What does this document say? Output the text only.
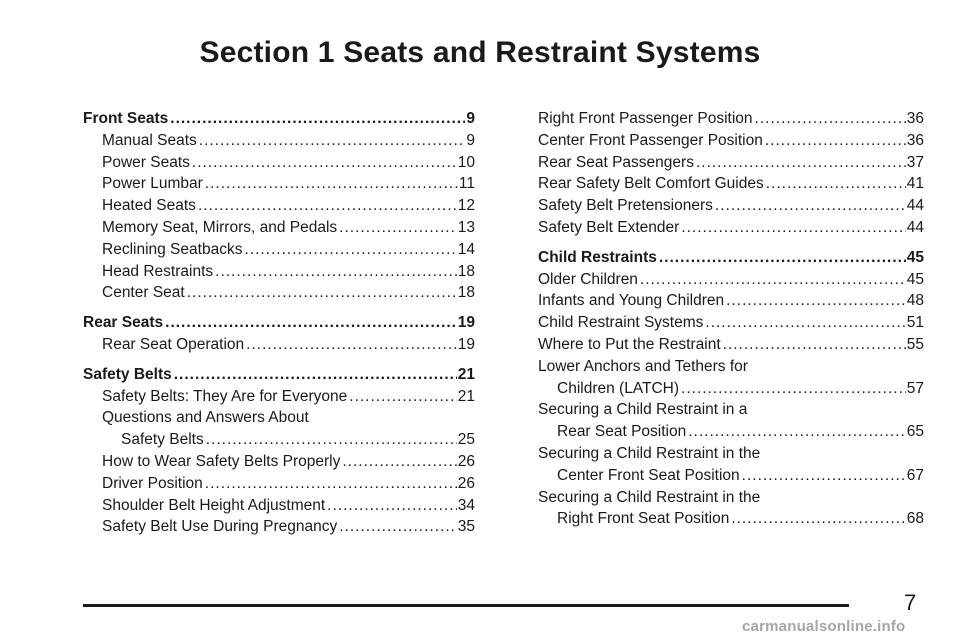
Section 1 Seats and Restraint Systems
Front Seats .....	9
Manual Seats .....	9
Power Seats .....	10
Power Lumbar .....	11
Heated Seats .....	12
Memory Seat, Mirrors, and Pedals .....	13
Reclining Seatbacks .....	14
Head Restraints .....	18
Center Seat .....	18
Rear Seats .....	19
Rear Seat Operation .....	19
Safety Belts .....	21
Safety Belts: They Are for Everyone .....	21
Questions and Answers About
Safety Belts .....	25
How to Wear Safety Belts Properly .....	26
Driver Position .....	26
Shoulder Belt Height Adjustment .....	34
Safety Belt Use During Pregnancy .....	35
Right Front Passenger Position .....	36
Center Front Passenger Position .....	36
Rear Seat Passengers .....	37
Rear Safety Belt Comfort Guides .....	41
Safety Belt Pretensioners .....	44
Safety Belt Extender .....	44
Child Restraints .....	45
Older Children .....	45
Infants and Young Children .....	48
Child Restraint Systems .....	51
Where to Put the Restraint .....	55
Lower Anchors and Tethers for
Children (LATCH) .....	57
Securing a Child Restraint in a
Rear Seat Position .....	65
Securing a Child Restraint in the
Center Front Seat Position .....	67
Securing a Child Restraint in the
Right Front Seat Position .....	68
7
carmanualsonline.info
